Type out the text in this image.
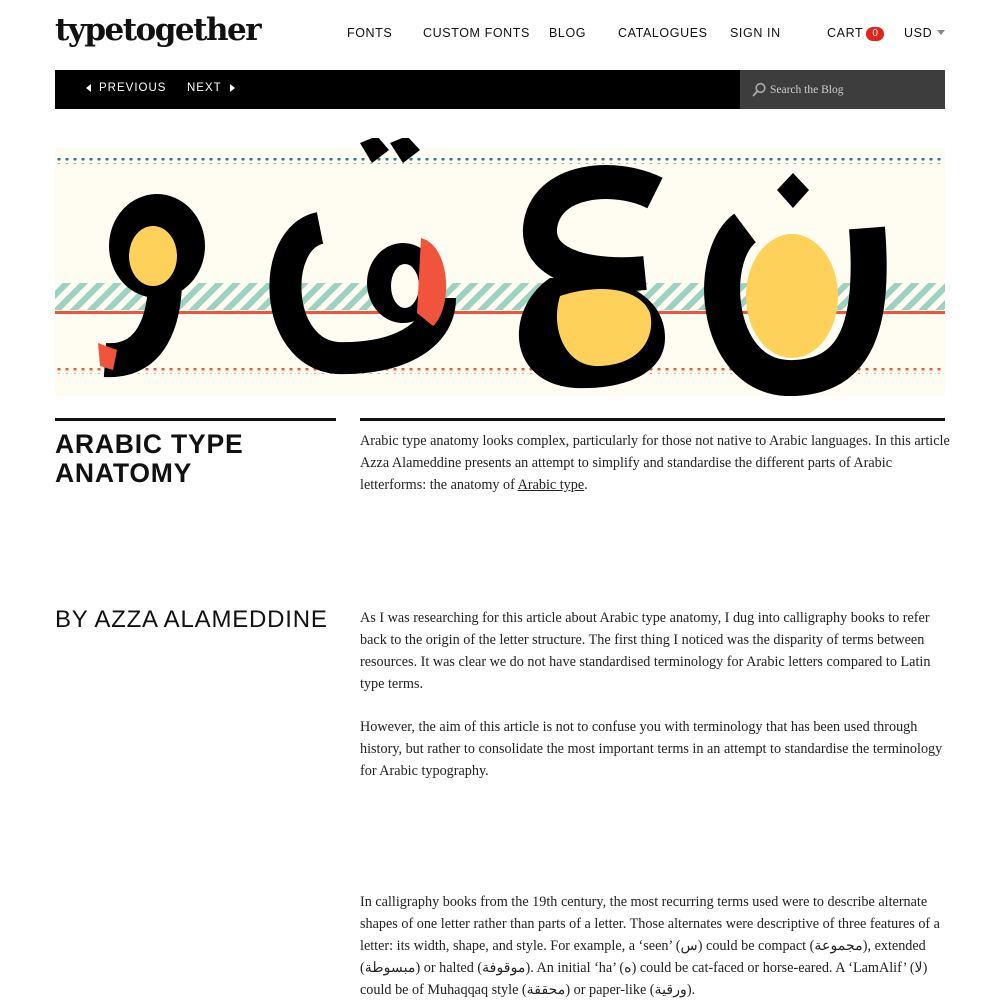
typetogether	FONTS CUSTOM FONTS BLOG	CATALOGUES SIGN IN	CART 0	USD
PREVIOUS NEXT
Search the Blog
ARABIC TYPE ANATOMY

Arabic type anatomy looks complex, particularly for those not native to Arabic languages. In this article Azza Alameddine presents an attempt to simplify and standardise the different parts of Arabic letterforms: the anatomy of Arabic type.

BY AZZA ALAMEDDINE As I was researching for this article about Arabic type anatomy, I dug into calligraphy books to refer back to the origin of the letter structure. The first thing I noticed was the disparity of terms between resources. It was clear we do not have standardised terminology for Arabic letters compared to Latin type terms.

However, the aim of this article is not to confuse you with terminology that has been used through history, but rather to consolidate the most important terms in an attempt to standardise the terminology for Arabic typography.

In calligraphy books from the 19th century, the most recurring terms used were to describe alternate shapes of one letter rather than parts of a letter. Those alternates were descriptive of three features of a letter: its width, shape, and style. For example, a ‘seen’ (س) could be compact (مجموعة), extended (مبسوطة) or halted (موقوفة). An initial ‘ha’ (ه) could be cat-faced or horse-eared. A ‘LamAlif’ (لا) could be of Muhaqqaq style (محققة) or paper-like (ورقية).
